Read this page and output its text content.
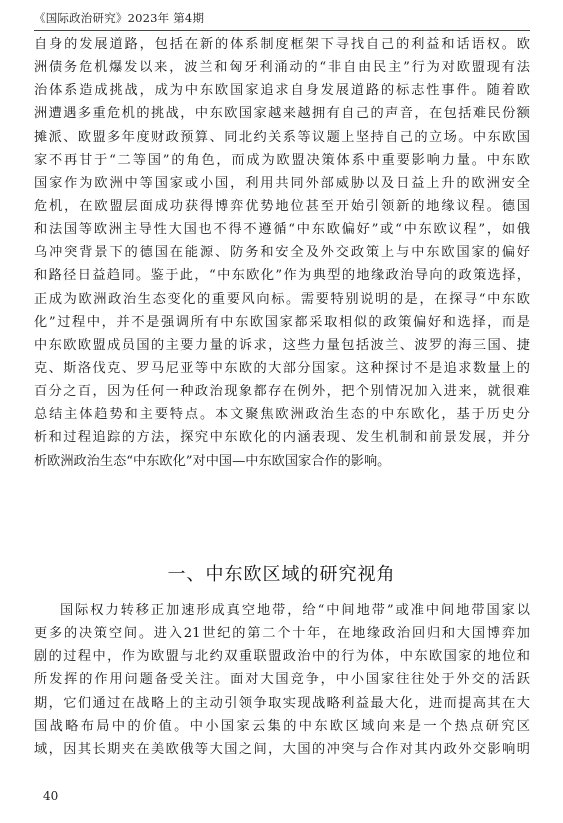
《国际政治研究》2023年 第4期
自身的发展道路，包括在新的体系制度框架下寻找自己的利益和话语权。欧
洲债务危机爆发以来，波兰和匈牙利涌动的“非自由民主”行为对欧盟现有法
治体系造成挑战，成为中东欧国家追求自身发展道路的标志性事件。随着欧
洲遭遇多重危机的挑战，中东欧国家越来越拥有自己的声音，在包括难民份额
摊派、欧盟多年度财政预算、同北约关系等议题上坚持自己的立场。中东欧国
家不再甘于“二等国”的角色，而成为欧盟决策体系中重要影响力量。中东欧
国家作为欧洲中等国家或小国，利用共同外部威胁以及日益上升的欧洲安全
危机，在欧盟层面成功获得博弈优势地位甚至开始引领新的地缘议程。德国
和法国等欧洲主导性大国也不得不遵循“中东欧偏好”或“中东欧议程”，如俄
乌冲突背景下的德国在能源、防务和安全及外交政策上与中东欧国家的偏好
和路径日益趋同。鉴于此，“中东欧化”作为典型的地缘政治导向的政策选择，
正成为欧洲政治生态变化的重要风向标。需要特别说明的是，在探寻“中东欧
化”过程中，并不是强调所有中东欧国家都采取相似的政策偏好和选择，而是
中东欧欧盟成员国的主要力量的诉求，这些力量包括波兰、波罗的海三国、捷
克、斯洛伐克、罗马尼亚等中东欧的大部分国家。这种探讨不是追求数量上的
百分之百，因为任何一种政治现象都存在例外，把个别情况加入进来，就很难
总结主体趋势和主要特点。本文聚焦欧洲政治生态的中东欧化，基于历史分
析和过程追踪的方法，探究中东欧化的内涵表现、发生机制和前景发展，并分
析欧洲政治生态“中东欧化”对中国—中东欧国家合作的影响。
一、中东欧区域的研究视角
国际权力转移正加速形成真空地带，给“中间地带”或准中间地带国家以
更多的决策空间。进入21世纪的第二个十年，在地缘政治回归和大国博弈加
剧的过程中，作为欧盟与北约双重联盟政治中的行为体，中东欧国家的地位和
所发挥的作用问题备受关注。面对大国竞争，中小国家往往处于外交的活跃
期，它们通过在战略上的主动引领争取实现战略利益最大化，进而提高其在大
国战略布局中的价值。中小国家云集的中东欧区域向来是一个热点研究区
域，因其长期夹在美欧俄等大国之间，大国的冲突与合作对其内政外交影响明
40
